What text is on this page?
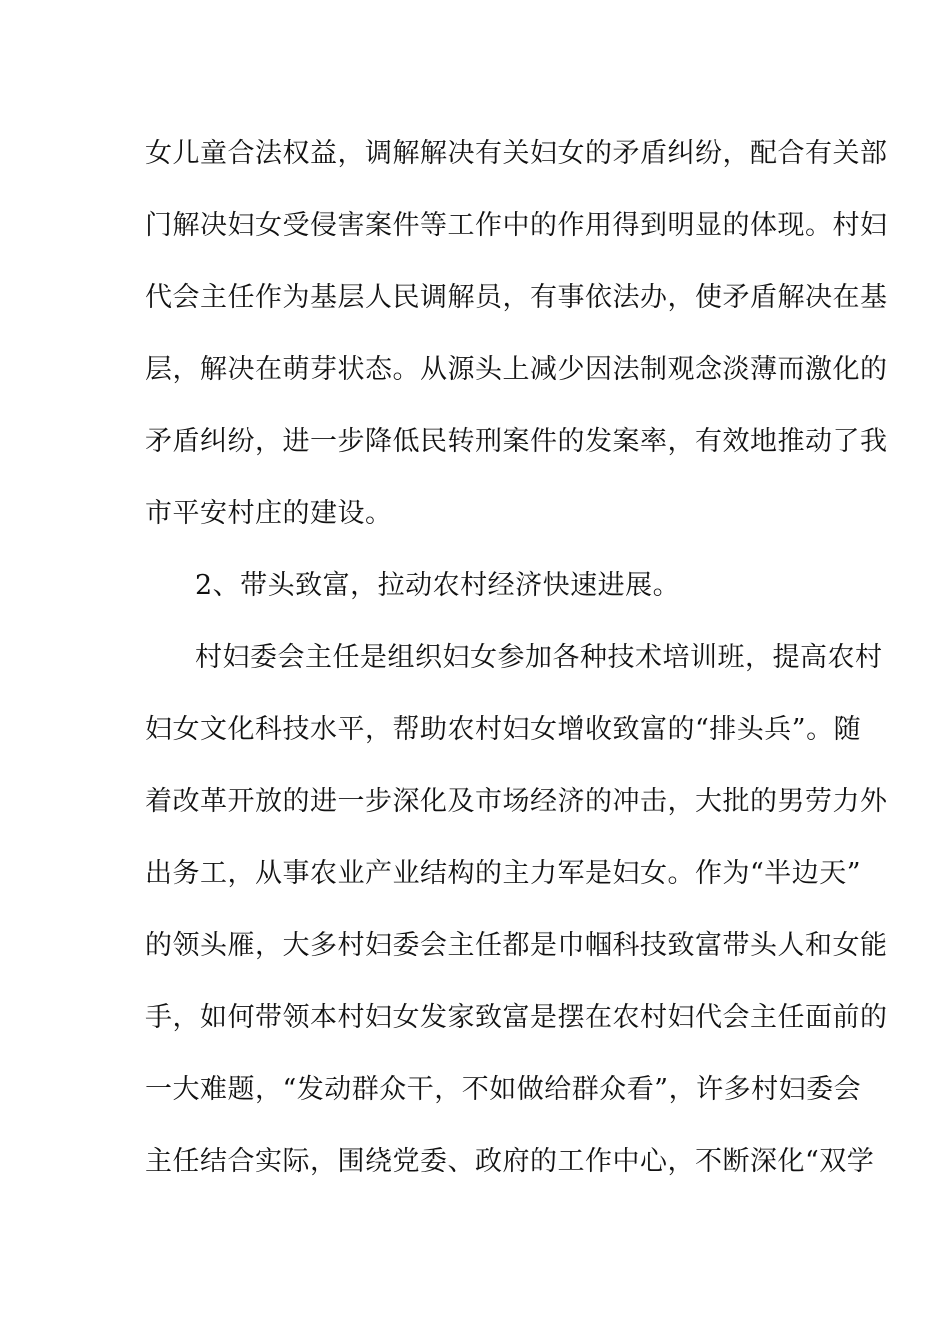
女儿童合法权益，调解解决有关妇女的矛盾纠纷，配合有关部
门解决妇女受侵害案件等工作中的作用得到明显的体现。村妇
代会主任作为基层人民调解员，有事依法办，使矛盾解决在基
层，解决在萌芽状态。从源头上减少因法制观念淡薄而激化的
矛盾纠纷，进一步降低民转刑案件的发案率，有效地推动了我
市平安村庄的建设。
2、带头致富，拉动农村经济快速进展。
村妇委会主任是组织妇女参加各种技术培训班，提高农村
妇女文化科技水平，帮助农村妇女增收致富的“排头兵”。随
着改革开放的进一步深化及市场经济的冲击，大批的男劳力外
出务工，从事农业产业结构的主力军是妇女。作为“半边天”
的领头雁，大多村妇委会主任都是巾帼科技致富带头人和女能
手，如何带领本村妇女发家致富是摆在农村妇代会主任面前的
一大难题，“发动群众干，不如做给群众看”，许多村妇委会
主任结合实际，围绕党委、政府的工作中心，不断深化“双学
